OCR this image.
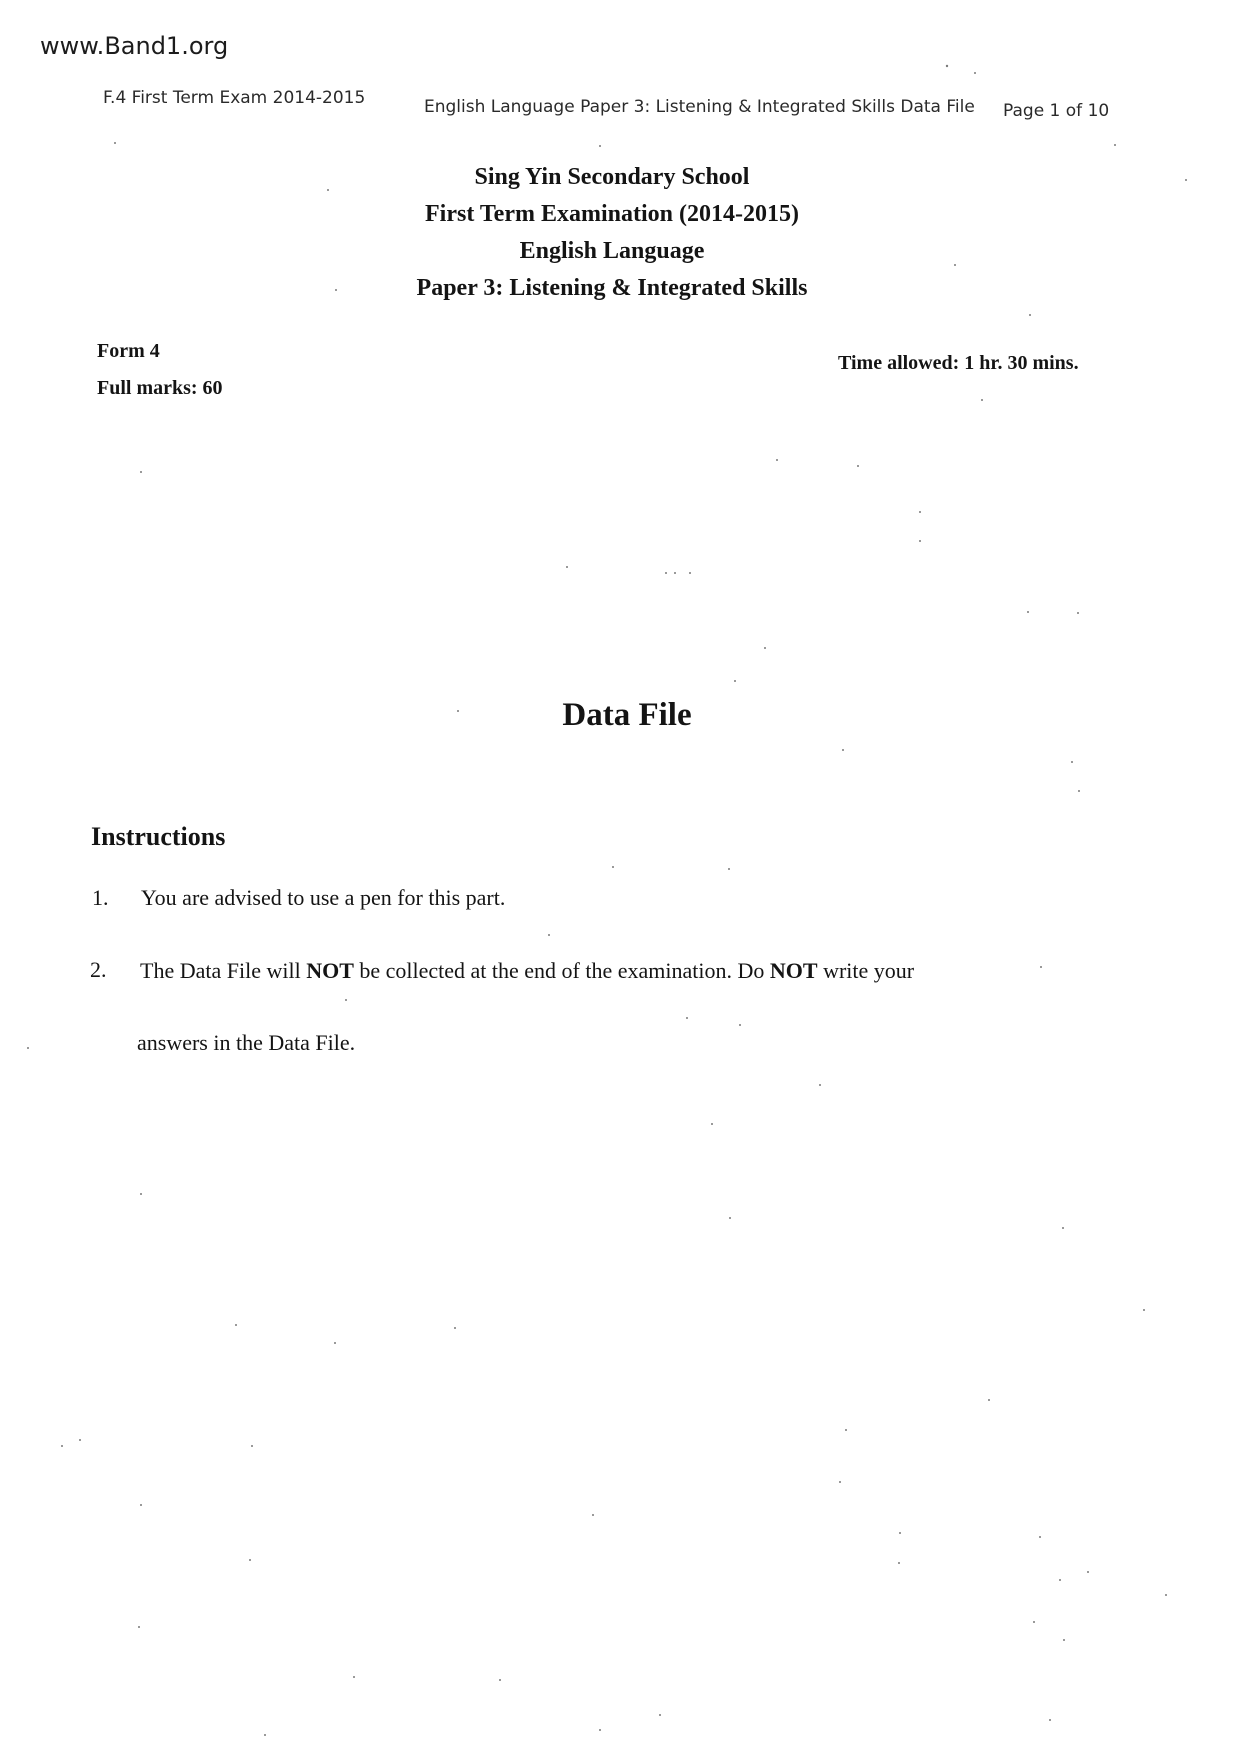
www.Band1.org
F.4 First Term Exam 2014-2015	English Language Paper 3: Listening & Integrated Skills Data File Page 1 of 10
Sing Yin Secondary School
First Term Examination (2014-2015)
English Language
Paper 3: Listening & Integrated Skills
Form 4
Full marks: 60
Time allowed: 1 hr. 30 mins.
Data File
Instructions
1. You are advised to use a pen for this part.
2. The Data File will NOT be collected at the end of the examination. Do NOT write your
answers in the Data File.
